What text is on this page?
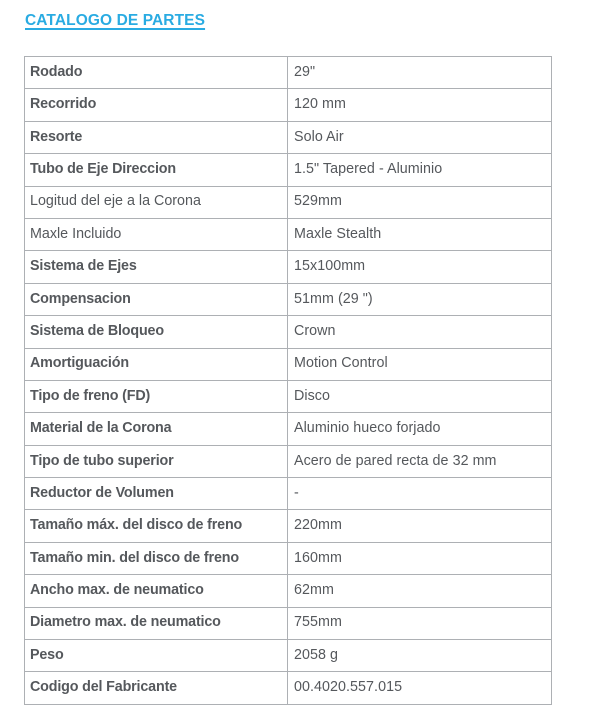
CATALOGO DE PARTES
Rodado	29"
Recorrido	120 mm
Resorte	Solo Air
Tubo de Eje Direccion	1.5" Tapered - Aluminio
Logitud del eje a la Corona	529mm
Maxle Incluido	Maxle Stealth
Sistema de Ejes	15x100mm
Compensacion	51mm (29 ")
Sistema de Bloqueo	Crown
Amortiguación	Motion Control
Tipo de freno (FD)	Disco
Material de la Corona	Aluminio hueco forjado
Tipo de tubo superior	Acero de pared recta de 32 mm
Reductor de Volumen	-
Tamaño máx. del disco de freno	220mm
Tamaño min. del disco de freno	160mm
Ancho max. de neumatico	62mm
Diametro max. de neumatico	755mm
Peso	2058 g
Codigo del Fabricante	00.4020.557.015
